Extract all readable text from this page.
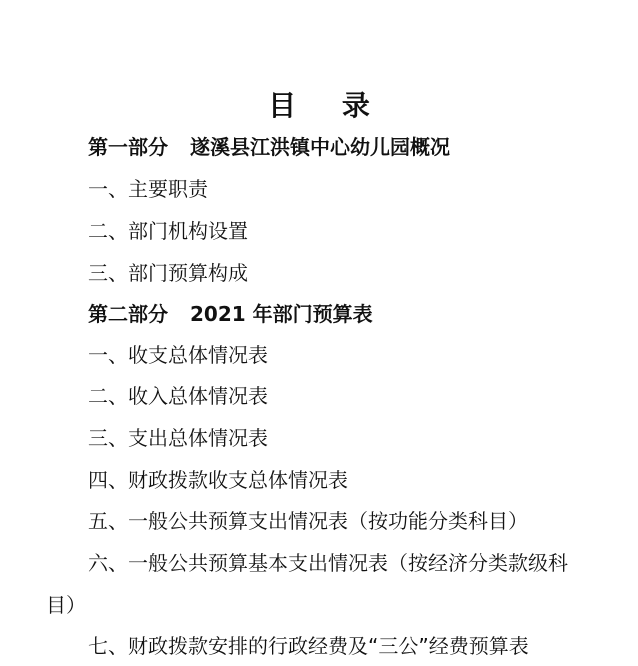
目 录
第一部分 遂溪县江洪镇中心幼儿园概况
一、主要职责
二、部门机构设置
三、部门预算构成
第二部分 2021 年部门预算表
一、收支总体情况表
二、收入总体情况表
三、支出总体情况表
四、财政拨款收支总体情况表
五、一般公共预算支出情况表（按功能分类科目）
六、一般公共预算基本支出情况表（按经济分类款级科
目）
七、财政拨款安排的行政经费及“三公”经费预算表
